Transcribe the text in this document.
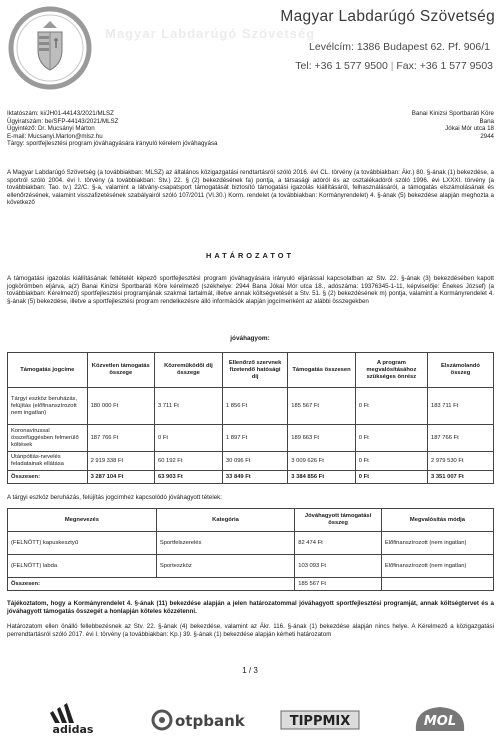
Magyar Labdarúgó Szövetség
Magyar Labdarúgó Szövetség
Levélcím: 1386 Budapest 62. Pf. 906/1
Tel: +36 1 577 9500 | Fax: +36 1 577 9503
Iktatószám: ki/JH01-44143/2021/MLSZ
Ügyiratszám: be/SFP-44143/2021/MLSZ
Ügyintéző: Dr. Mucsányi Márton
E-mail: Mucsanyi.Marton@mlsz.hu
Tárgy: sportfejlesztési program jóváhagyására irányuló kérelem jóváhagyása
Banai Kinizsi Sportbaráti Köre
Bana
Jókai Mór utca 18
2944
A Magyar Labdarúgó Szövetség (a továbbiakban: MLSZ) az általános közigazgatási rendtartásról szóló 2016. évi CL. törvény (a továbbiakban: Ákr.) 80. §-ának (1) bekezdése, a sportról szóló 2004. évi I. törvény (a továbbiakban: Stv.) 22. § (2) bekezdésének fa) pontja, a társasági adóról és az osztalékadóról szóló 1996. évi LXXXI. törvény (a továbbiakban: Tao. tv.) 22/C. §-a, valamint a látvány-csapatsport támogatását biztosító támogatási igazolás kiállításáról, felhasználásáról, a támogatás elszámolásának és ellenőrzésének, valamint visszafizetésének szabályairól szóló 107/2011 (VI.30.) Korm. rendelet (a továbbiakban: Kormányrendelet) 4. §-ának (5) bekezdése alapján meghozta a következő
HATÁROZATOT
A támogatási igazolás kiállításának feltételét képező sportfejlesztési program jóváhagyására irányuló eljárással kapcsolatban az Stv. 22. §-ának (3) bekezdésében kapott jogkörömben eljárva, a(z) Banai Kinizsi Sportbaráti Köre kérelmező (székhelye: 2944 Bana Jókai Mór utca 18., adószáma: 19376345-1-11, képviselője: Énekes József) (a továbbiakban: Kérelmező) sportfejlesztési programjának szakmai tartalmát, illetve annak költségvetését a Stv. 51. § (2) bekezdésének m) pontja, valamint a Kormányrendelet 4. §-ának (5) bekezdése, illetve a sportfejlesztési program rendelkezésre álló információk alapján jogcímenként az alábbi összegekben
jóváhagyom:
Támogatás jogcíme	Közvetlen támogatás összege	Közreműködői díj összege	Ellenőrző szervnek fizetendő hatósági díj	Támogatás összesen	A program megvalósításához szükséges önrész	Elszámolandó összeg
Tárgyi eszköz beruházás, felújítás (előfinanszírozott nem ingatlan)	180 000 Ft	3 711 Ft	1 856 Ft	185 567 Ft	0 Ft	183 711 Ft
Koronavírussal összefüggésben felmerülő költések	187 766 Ft	0 Ft	1 897 Ft	189 663 Ft	0 Ft	187 766 Ft
Utánpótlás-nevelés feladatainak ellátása	2 919 338 Ft	60 192 Ft	30 096 Ft	3 009 626 Ft	0 Ft	2 979 530 Ft
Összesen:	3 287 104 Ft	63 903 Ft	33 849 Ft	3 384 856 Ft	0 Ft	3 351 007 Ft
A tárgyi eszköz beruházás, felújítás jogcímhez kapcsolódó jóváhagyott tételek:
Megnevezés	Kategória	Jóváhagyott támogatási összeg	Megvalósítás módja
(FELNŐTT) kapuskesztyű	Sportfelszerelés	82 474 Ft	Előfinanszírozott (nem ingatlan)
(FELNŐTT) labda	Sporteszköz	103 093 Ft	Előfinanszírozott (nem ingatlan)
Összesen:		185 567 Ft	
Tájékoztatom, hogy a Kormányrendelet 4. §-ának (11) bekezdése alapján a jelen határozatommal jóváhagyott sportfejlesztési programját, annak költségtervet és a jóváhagyott támogatás összegét a honlapján köteles közzétenni.
Határozatom ellen önálló fellebbezésnek az Stv. 22. §-ának (4) bekezdése, valamint az Ákr. 116. §-ának (1) bekezdése alapján nincs helye. A Kérelmező a közigazgatási perrendtartásról szóló 2017. évi I. törvény (a továbbiakban: Kp.) 39. §-ának (1) bekezdése alapján kérheti határozatom
1 / 3
adidas	otpbank	TIPPMIX	MOL
